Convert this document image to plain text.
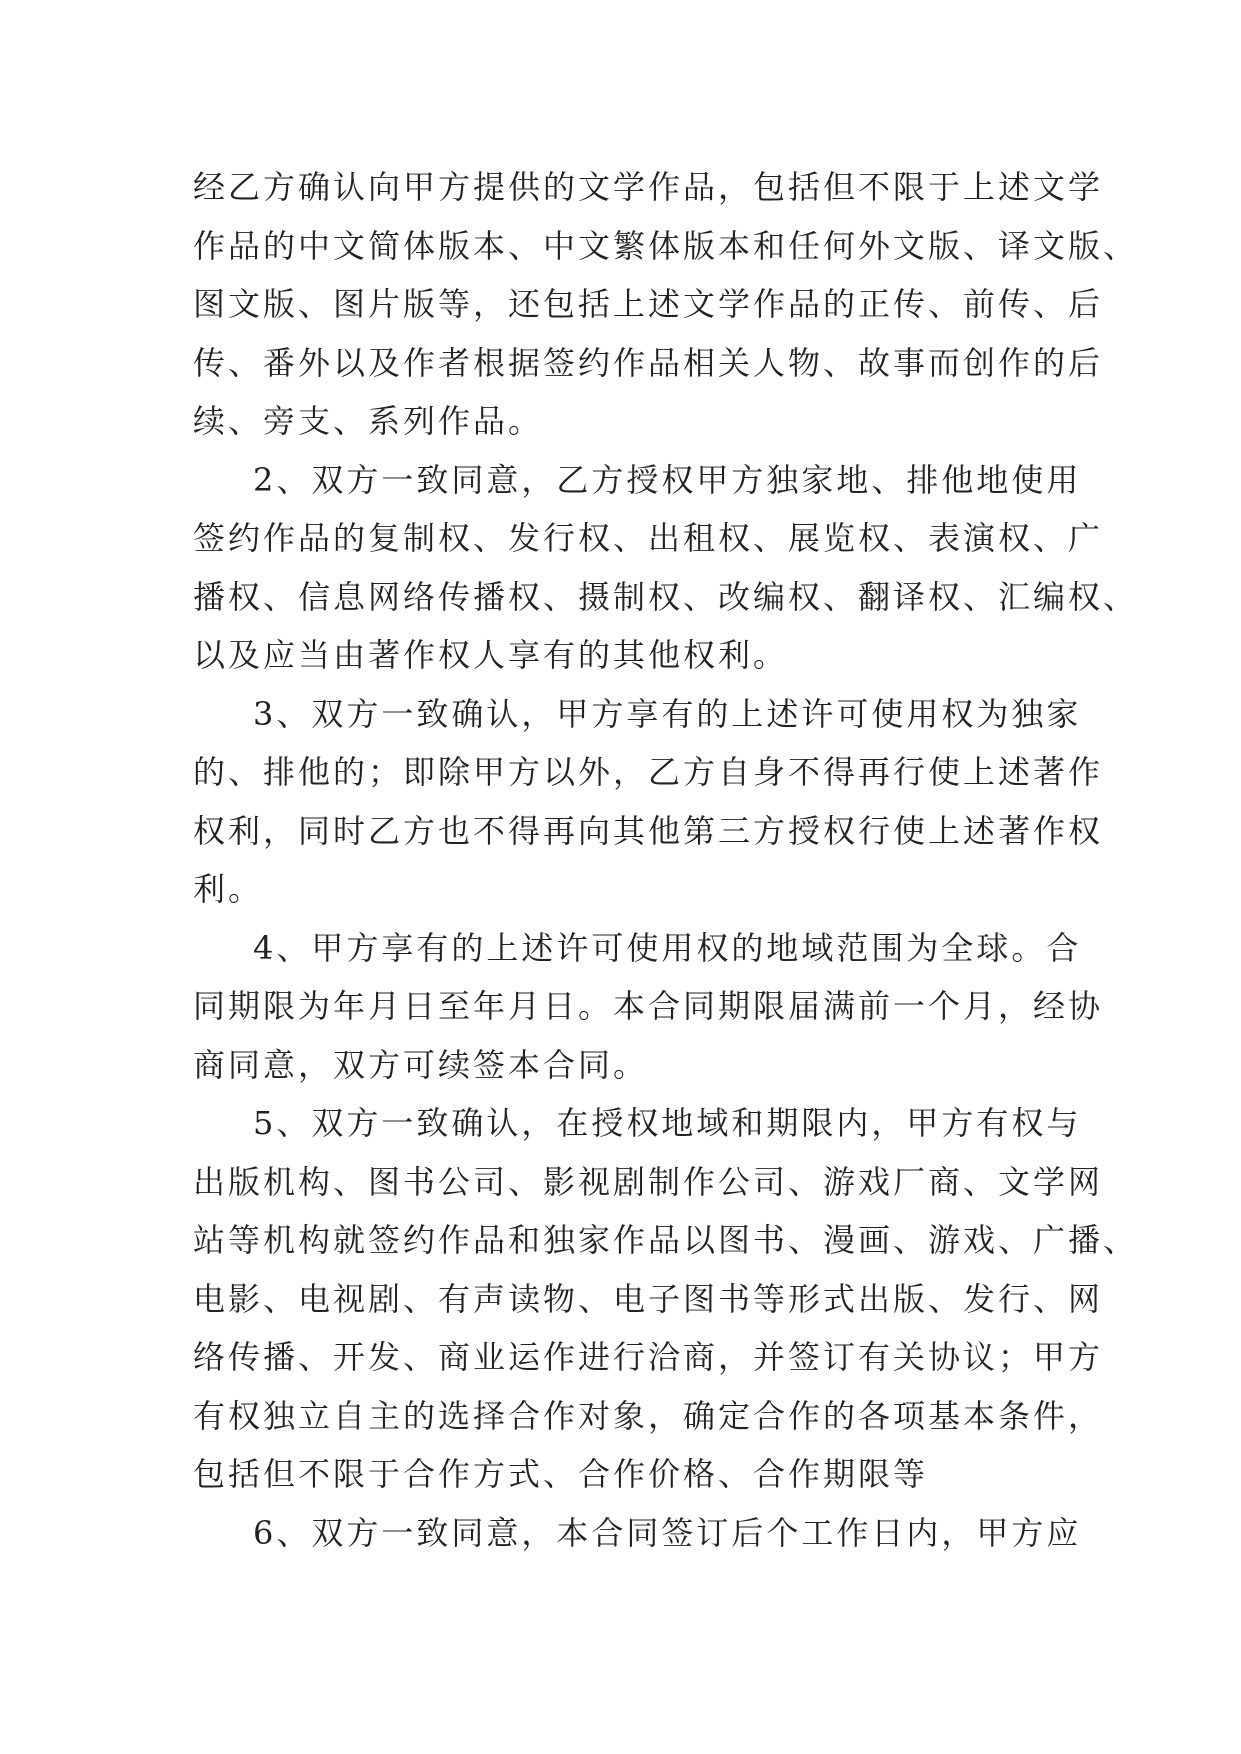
经乙方确认向甲方提供的文学作品，包括但不限于上述文学
作品的中文简体版本、中文繁体版本和任何外文版、译文版、
图文版、图片版等，还包括上述文学作品的正传、前传、后
传、番外以及作者根据签约作品相关人物、故事而创作的后
续、旁支、系列作品。
2、双方一致同意，乙方授权甲方独家地、排他地使用
签约作品的复制权、发行权、出租权、展览权、表演权、广
播权、信息网络传播权、摄制权、改编权、翻译权、汇编权、
以及应当由著作权人享有的其他权利。
3、双方一致确认，甲方享有的上述许可使用权为独家
的、排他的；即除甲方以外，乙方自身不得再行使上述著作
权利，同时乙方也不得再向其他第三方授权行使上述著作权
利。
4、甲方享有的上述许可使用权的地域范围为全球。合
同期限为年月日至年月日。本合同期限届满前一个月，经协
商同意，双方可续签本合同。
5、双方一致确认，在授权地域和期限内，甲方有权与
出版机构、图书公司、影视剧制作公司、游戏厂商、文学网
站等机构就签约作品和独家作品以图书、漫画、游戏、广播、
电影、电视剧、有声读物、电子图书等形式出版、发行、网
络传播、开发、商业运作进行洽商，并签订有关协议；甲方
有权独立自主的选择合作对象，确定合作的各项基本条件，
包括但不限于合作方式、合作价格、合作期限等
6、双方一致同意，本合同签订后个工作日内，甲方应
